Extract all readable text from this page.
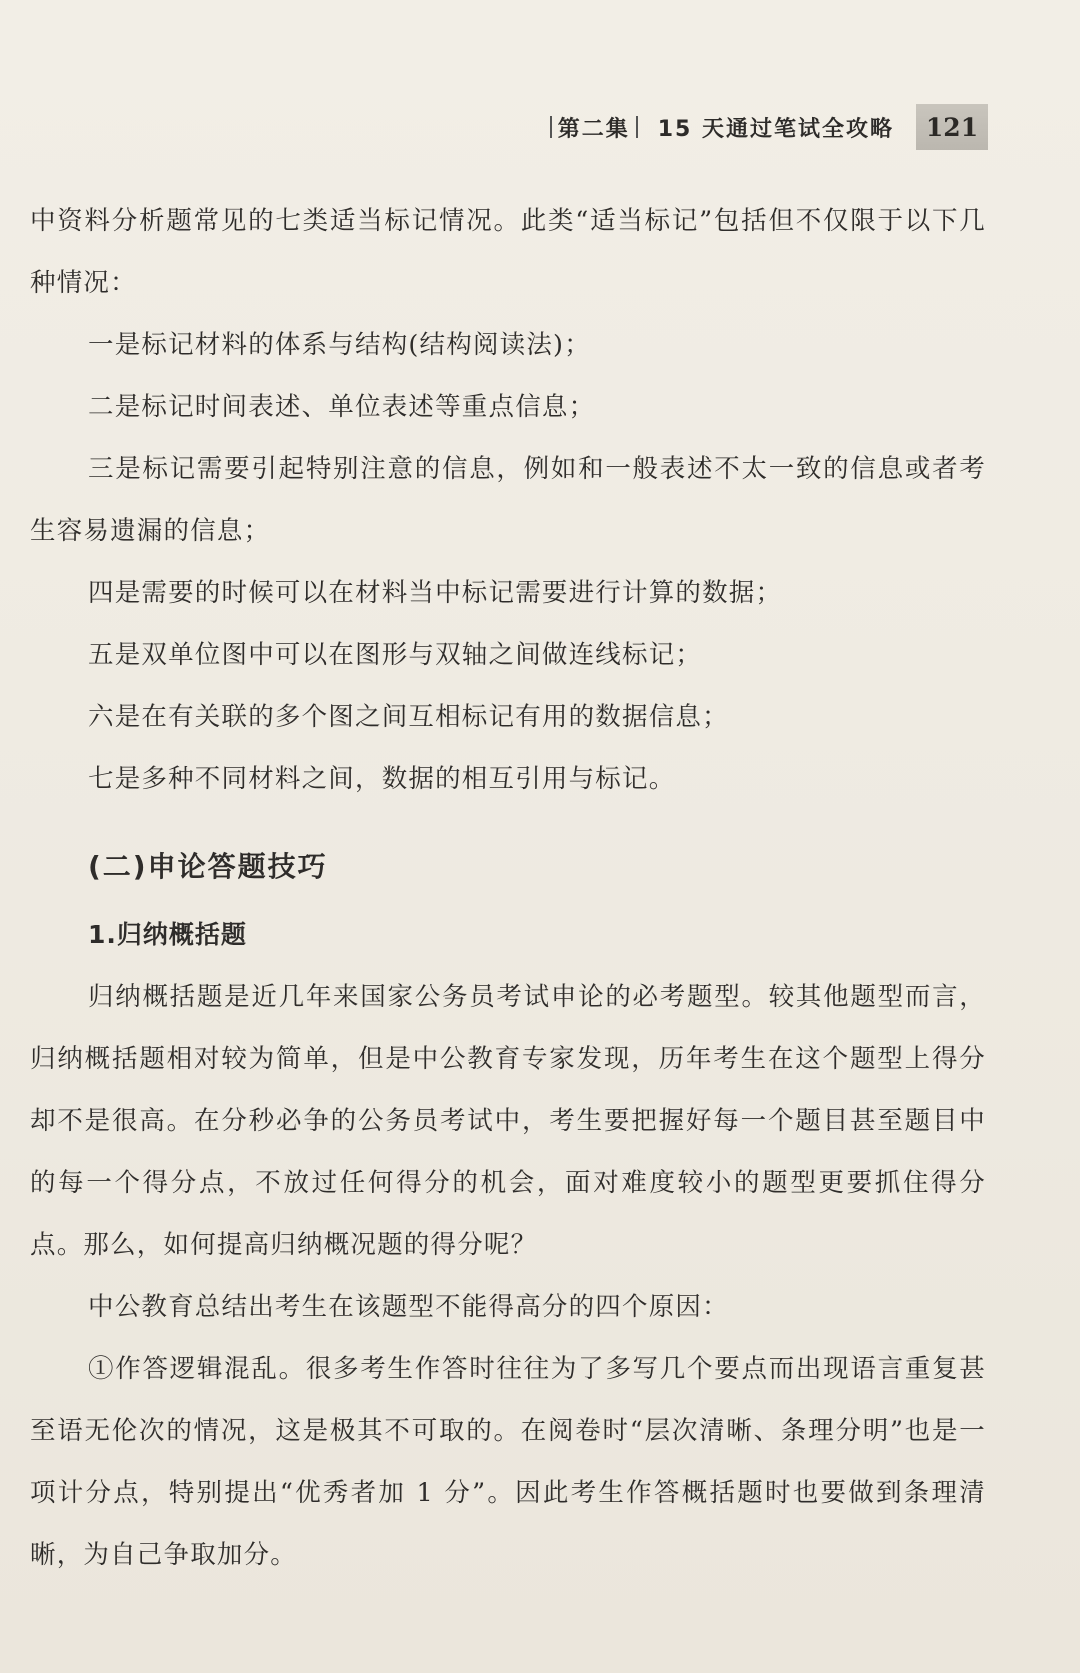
第二集 15 天通过笔试全攻略 121

中资料分析题常见的七类适当标记情况。此类“适当标记”包括但不仅限于以下几种情况：

一是标记材料的体系与结构(结构阅读法)；

二是标记时间表述、单位表述等重点信息；

三是标记需要引起特别注意的信息，例如和一般表述不太一致的信息或者考生容易遗漏的信息；

四是需要的时候可以在材料当中标记需要进行计算的数据；

五是双单位图中可以在图形与双轴之间做连线标记；

六是在有关联的多个图之间互相标记有用的数据信息；

七是多种不同材料之间，数据的相互引用与标记。

(二)申论答题技巧
1.归纳概括题

归纳概括题是近几年来国家公务员考试申论的必考题型。较其他题型而言，归纳概括题相对较为简单，但是中公教育专家发现，历年考生在这个题型上得分却不是很高。在分秒必争的公务员考试中，考生要把握好每一个题目甚至题目中的每一个得分点，不放过任何得分的机会，面对难度较小的题型更要抓住得分点。那么，如何提高归纳概况题的得分呢？

中公教育总结出考生在该题型不能得高分的四个原因：

①作答逻辑混乱。很多考生作答时往往为了多写几个要点而出现语言重复甚至语无伦次的情况，这是极其不可取的。在阅卷时“层次清晰、条理分明”也是一项计分点，特别提出“优秀者加 1 分”。因此考生作答概括题时也要做到条理清晰，为自己争取加分。
